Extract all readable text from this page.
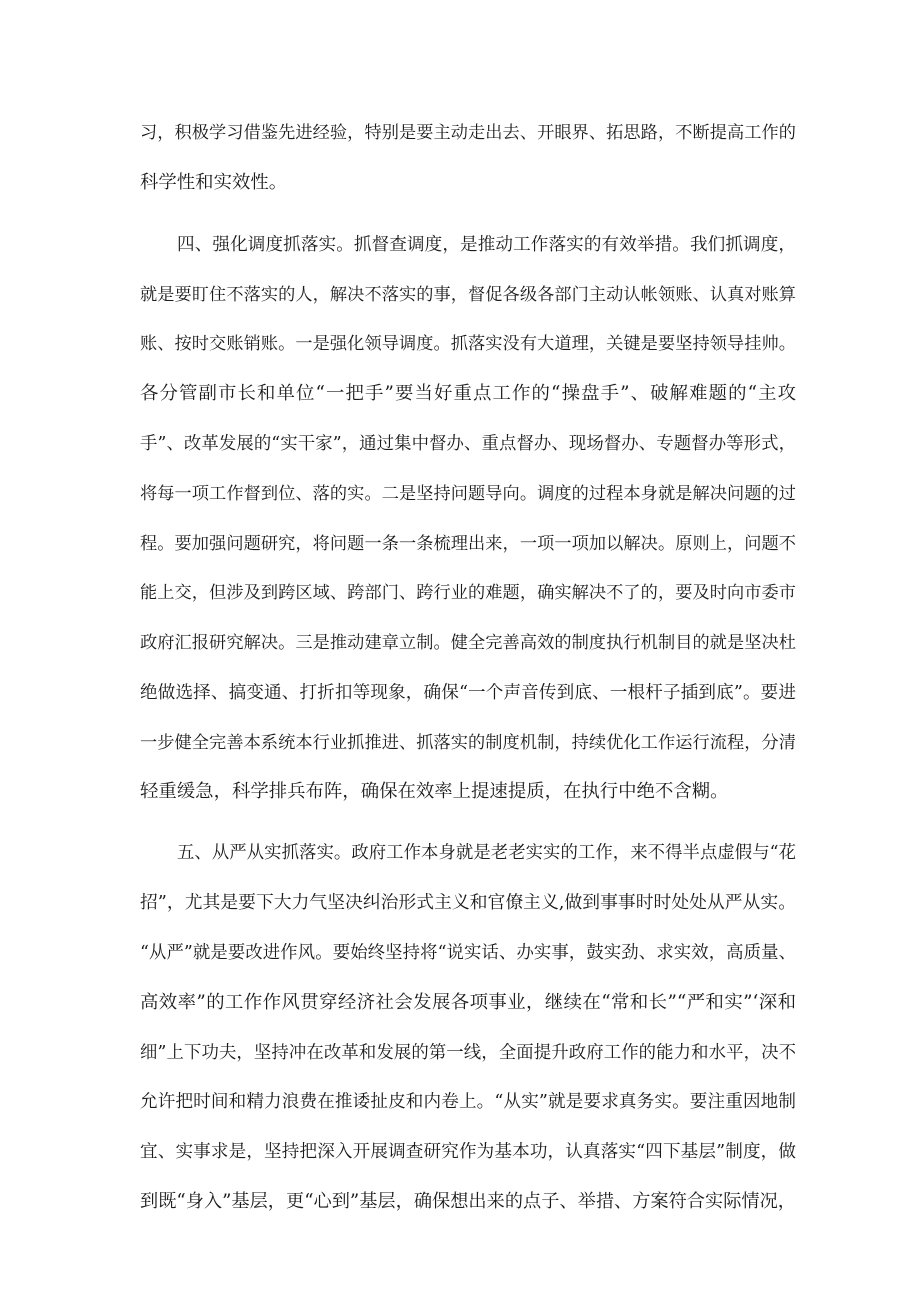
习，积极学习借鉴先进经验，特别是要主动走出去、开眼界、拓思路，不断提高工作的
科学性和实效性。
四、强化调度抓落实。抓督查调度，是推动工作落实的有效举措。我们抓调度，
就是要盯住不落实的人，解决不落实的事，督促各级各部门主动认帐领账、认真对账算
账、按时交账销账。一是强化领导调度。抓落实没有大道理，关键是要坚持领导挂帅。
各分管副市长和单位“一把手”要当好重点工作的“操盘手”、破解难题的“主攻
手”、改革发展的“实干家”，通过集中督办、重点督办、现场督办、专题督办等形式，
将每一项工作督到位、落的实。二是坚持问题导向。调度的过程本身就是解决问题的过
程。要加强问题研究，将问题一条一条梳理出来，一项一项加以解决。原则上，问题不
能上交，但涉及到跨区域、跨部门、跨行业的难题，确实解决不了的，要及时向市委市
政府汇报研究解决。三是推动建章立制。健全完善高效的制度执行机制目的就是坚决杜
绝做选择、搞变通、打折扣等现象，确保“一个声音传到底、一根杆子插到底”。要进
一步健全完善本系统本行业抓推进、抓落实的制度机制，持续优化工作运行流程，分清
轻重缓急，科学排兵布阵，确保在效率上提速提质，在执行中绝不含糊。
五、从严从实抓落实。政府工作本身就是老老实实的工作，来不得半点虚假与“花
招”，尤其是要下大力气坚决纠治形式主义和官僚主义,做到事事时时处处从严从实。
“从严”就是要改进作风。要始终坚持将“说实话、办实事，鼓实劲、求实效，高质量、
高效率”的工作作风贯穿经济社会发展各项事业，继续在“常和长”“严和实”‘深和
细”上下功夫，坚持冲在改革和发展的第一线，全面提升政府工作的能力和水平，决不
允许把时间和精力浪费在推诿扯皮和内卷上。“从实”就是要求真务实。要注重因地制
宜、实事求是，坚持把深入开展调查研究作为基本功，认真落实“四下基层”制度，做
到既“身入”基层，更“心到”基层，确保想出来的点子、举措、方案符合实际情况，
